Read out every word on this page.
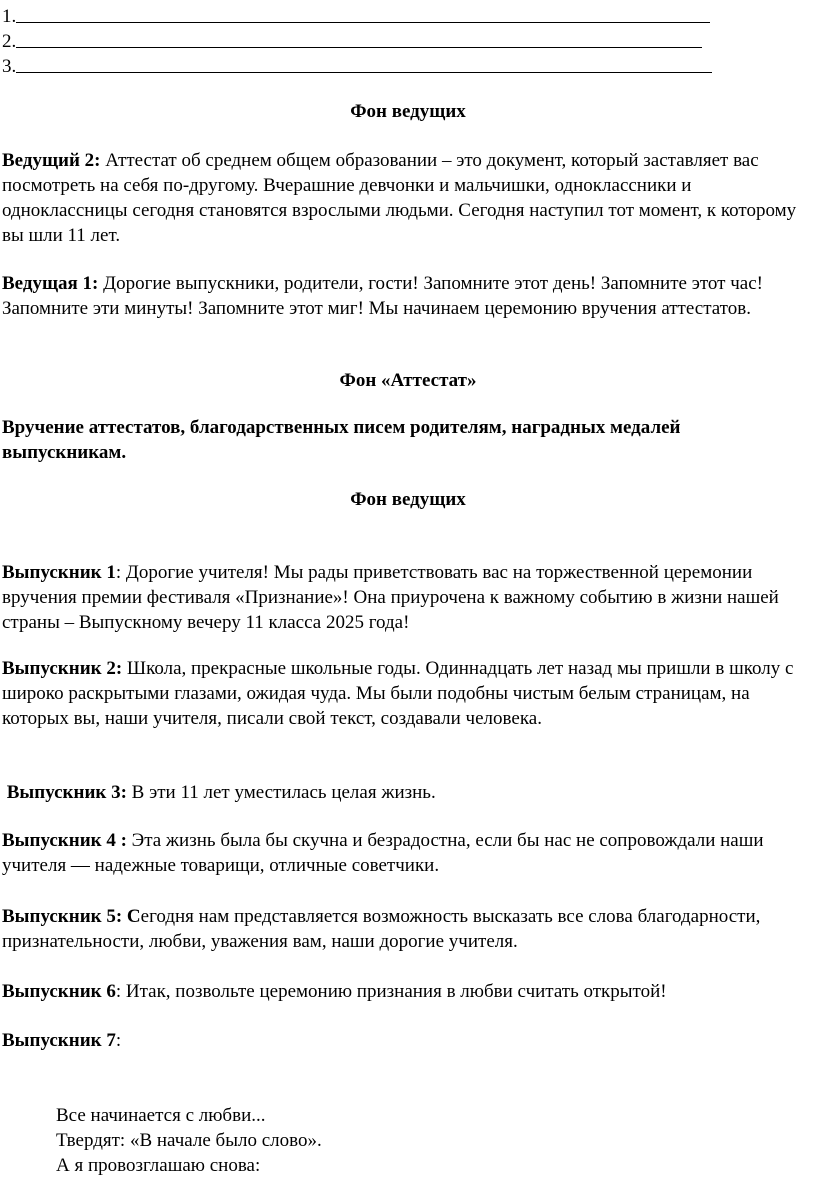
1.
2.
3.
Фон ведущих

Ведущий 2: Аттестат об среднем общем образовании – это документ, который заставляет вас посмотреть на себя по-другому. Вчерашние девчонки и мальчишки, одноклассники и одноклассницы сегодня становятся взрослыми людьми. Сегодня наступил тот момент, к которому вы шли 11 лет.

Ведущая 1: Дорогие выпускники, родители, гости! Запомните этот день! Запомните этот час! Запомните эти минуты! Запомните этот миг! Мы начинаем церемонию вручения аттестатов.

Фон «Аттестат»

Вручение аттестатов, благодарственных писем родителям, наградных медалей выпускникам.

Фон ведущих

Выпускник 1: Дорогие учителя! Мы рады приветствовать вас на торжественной церемонии вручения премии фестиваля «Признание»! Она приурочена к важному событию в жизни нашей страны – Выпускному вечеру 11 класса 2025 года!

Выпускник 2: Школа, прекрасные школьные годы. Одиннадцать лет назад мы пришли в школу с широко раскрытыми глазами, ожидая чуда. Мы были подобны чистым белым страницам, на которых вы, наши учителя, писали свой текст, создавали человека.

Выпускник 3: В эти 11 лет уместилась целая жизнь.

Выпускник 4 : Эта жизнь была бы скучна и безрадостна, если бы нас не сопровождали наши учителя — надежные товарищи, отличные советчики.

Выпускник 5: Сегодня нам представляется возможность высказать все слова благодарности, признательности, любви, уважения вам, наши дорогие учителя.

Выпускник 6: Итак, позвольте церемонию признания в любви считать открытой!

Выпускник 7:

Все начинается с любви...
Твердят: «В начале было слово».
А я провозглашаю снова:
